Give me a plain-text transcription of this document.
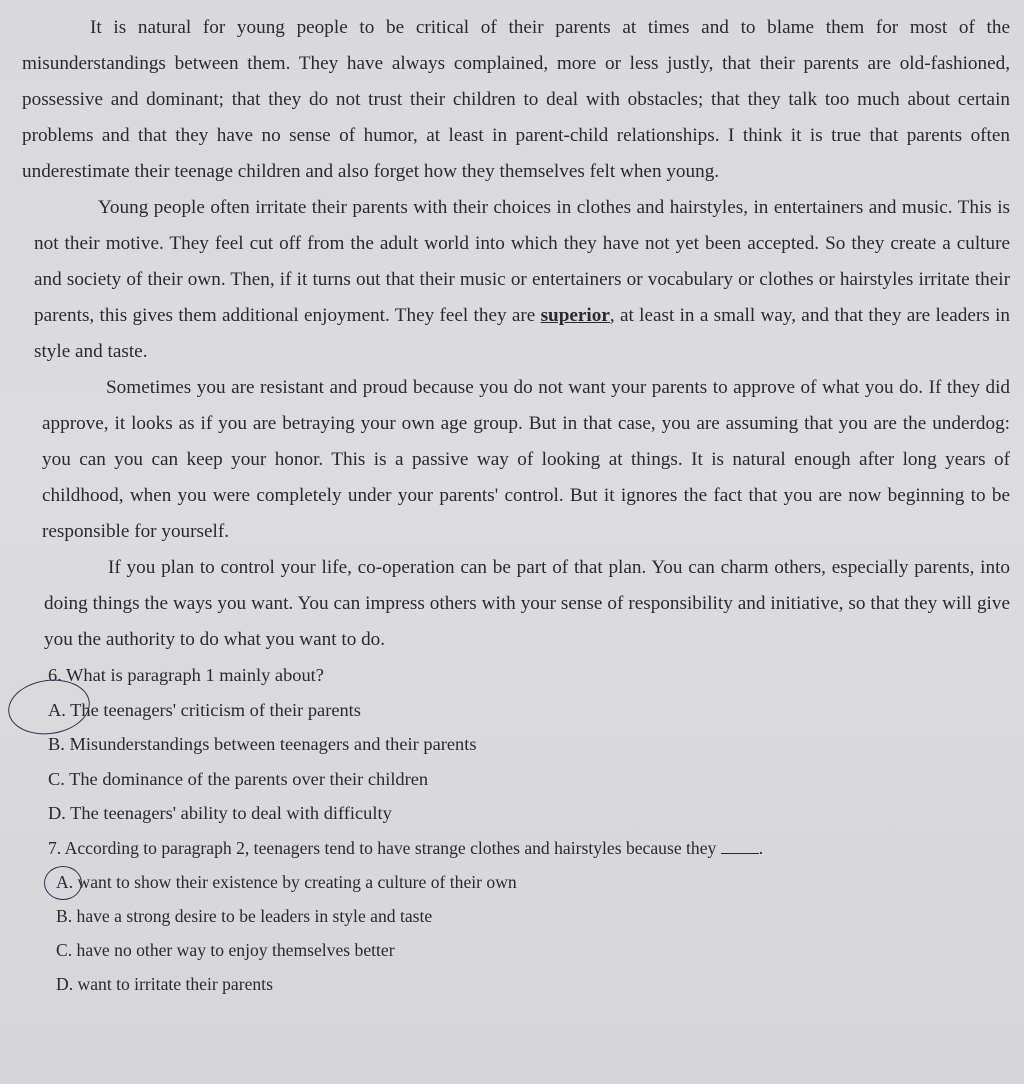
It is natural for young people to be critical of their parents at times and to blame them for most of the misunderstandings between them. They have always complained, more or less justly, that their parents are old-fashioned, possessive and dominant; that they do not trust their children to deal with obstacles; that they talk too much about certain problems and that they have no sense of humor, at least in parent-child relationships. I think it is true that parents often underestimate their teenage children and also forget how they themselves felt when young.

Young people often irritate their parents with their choices in clothes and hairstyles, in entertainers and music. This is not their motive. They feel cut off from the adult world into which they have not yet been accepted. So they create a culture and society of their own. Then, if it turns out that their music or entertainers or vocabulary or clothes or hairstyles irritate their parents, this gives them additional enjoyment. They feel they are superior, at least in a small way, and that they are leaders in style and taste.

Sometimes you are resistant and proud because you do not want your parents to approve of what you do. If they did approve, it looks as if you are betraying your own age group. But in that case, you are assuming that you are the underdog: you can you can keep your honor. This is a passive way of looking at things. It is natural enough after long years of childhood, when you were completely under your parents' control. But it ignores the fact that you are now beginning to be responsible for yourself.

If you plan to control your life, co-operation can be part of that plan. You can charm others, especially parents, into doing things the ways you want. You can impress others with your sense of responsibility and initiative, so that they will give you the authority to do what you want to do.

6. What is paragraph 1 mainly about?

A. The teenagers' criticism of their parents

B. Misunderstandings between teenagers and their parents

C. The dominance of the parents over their children

D. The teenagers' ability to deal with difficulty

7. According to paragraph 2, teenagers tend to have strange clothes and hairstyles because they .

A. want to show their existence by creating a culture of their own

B. have a strong desire to be leaders in style and taste

C. have no other way to enjoy themselves better

D. want to irritate their parents
